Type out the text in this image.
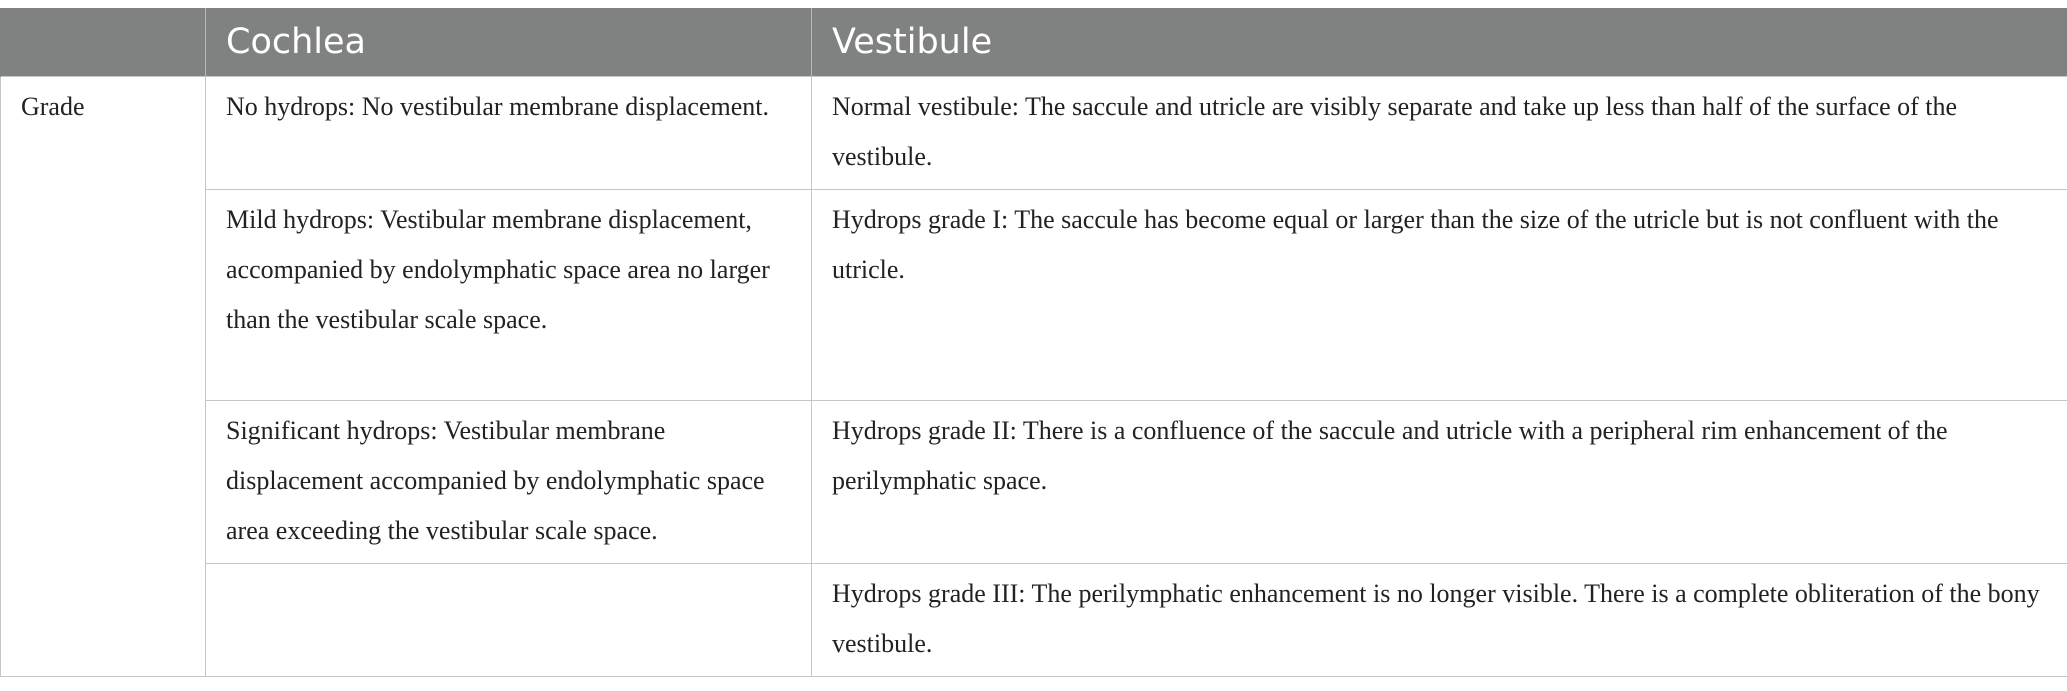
	Cochlea	Vestibule
Grade	No hydrops: No vestibular membrane displacement.	Normal vestibule: The saccule and utricle are visibly separate and take up less than half of the surface of the vestibule.
	Mild hydrops: Vestibular membrane displacement, accompanied by endolymphatic space area no larger than the vestibular scale space.	Hydrops grade I: The saccule has become equal or larger than the size of the utricle but is not confluent with the utricle.
	Significant hydrops: Vestibular membrane displacement accompanied by endolymphatic space area exceeding the vestibular scale space.	Hydrops grade II: There is a confluence of the saccule and utricle with a peripheral rim enhancement of the perilymphatic space.
		Hydrops grade III: The perilymphatic enhancement is no longer visible. There is a complete obliteration of the bony vestibule.
